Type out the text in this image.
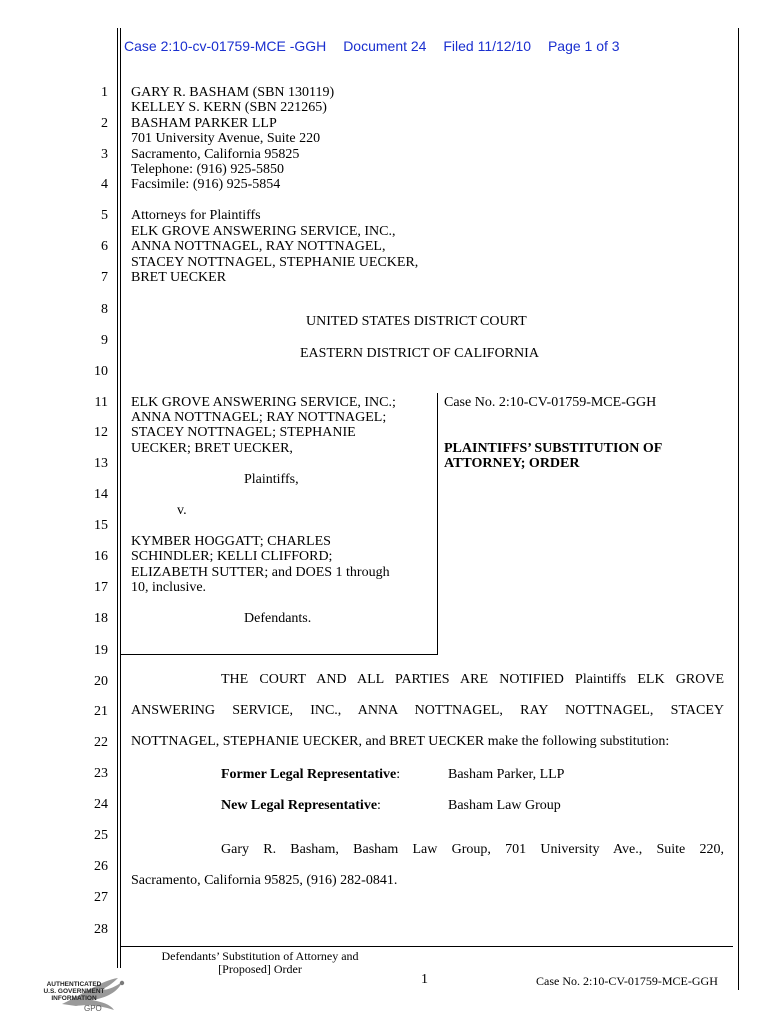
Case 2:10-cv-01759-MCE -GGH Document 24 Filed 11/12/10 Page 1 of 3
1
2
3
4
5
6
7
8
9
10
11
12
13
14
15
16
17
18
19
20
21
22
23
24
25
26
27
28
GARY R. BASHAM (SBN 130119)
KELLEY S. KERN (SBN 221265)
BASHAM PARKER LLP
701 University Avenue, Suite 220
Sacramento, California 95825
Telephone: (916) 925-5850
Facsimile: (916) 925-5854
Attorneys for Plaintiffs
ELK GROVE ANSWERING SERVICE, INC.,
ANNA NOTTNAGEL, RAY NOTTNAGEL,
STACEY NOTTNAGEL, STEPHANIE UECKER,
BRET UECKER
UNITED STATES DISTRICT COURT
EASTERN DISTRICT OF CALIFORNIA
ELK GROVE ANSWERING SERVICE, INC.;
ANNA NOTTNAGEL; RAY NOTTNAGEL;
STACEY NOTTNAGEL; STEPHANIE
UECKER; BRET UECKER,
Plaintiffs,
v.
KYMBER HOGGATT; CHARLES
SCHINDLER; KELLI CLIFFORD;
ELIZABETH SUTTER; and DOES 1 through
10, inclusive.
Defendants.
Case No. 2:10-CV-01759-MCE-GGH
PLAINTIFFS’ SUBSTITUTION OF
ATTORNEY; ORDER
THE COURT AND ALL PARTIES ARE NOTIFIED Plaintiffs ELK GROVE
ANSWERING SERVICE, INC., ANNA NOTTNAGEL, RAY NOTTNAGEL, STACEY
NOTTNAGEL, STEPHANIE UECKER, and BRET UECKER make the following substitution:
Former Legal Representative:	Basham Parker, LLP
New Legal Representative:	Basham Law Group
Gary R. Basham, Basham Law Group, 701 University Ave., Suite 220,
Sacramento, California 95825, (916) 282-0841.
Defendants’ Substitution of Attorney and
[Proposed] Order
1	Case No. 2:10-CV-01759-MCE-GGH
AUTHENTICATED
U.S. GOVERNMENT
INFORMATION
GPO
